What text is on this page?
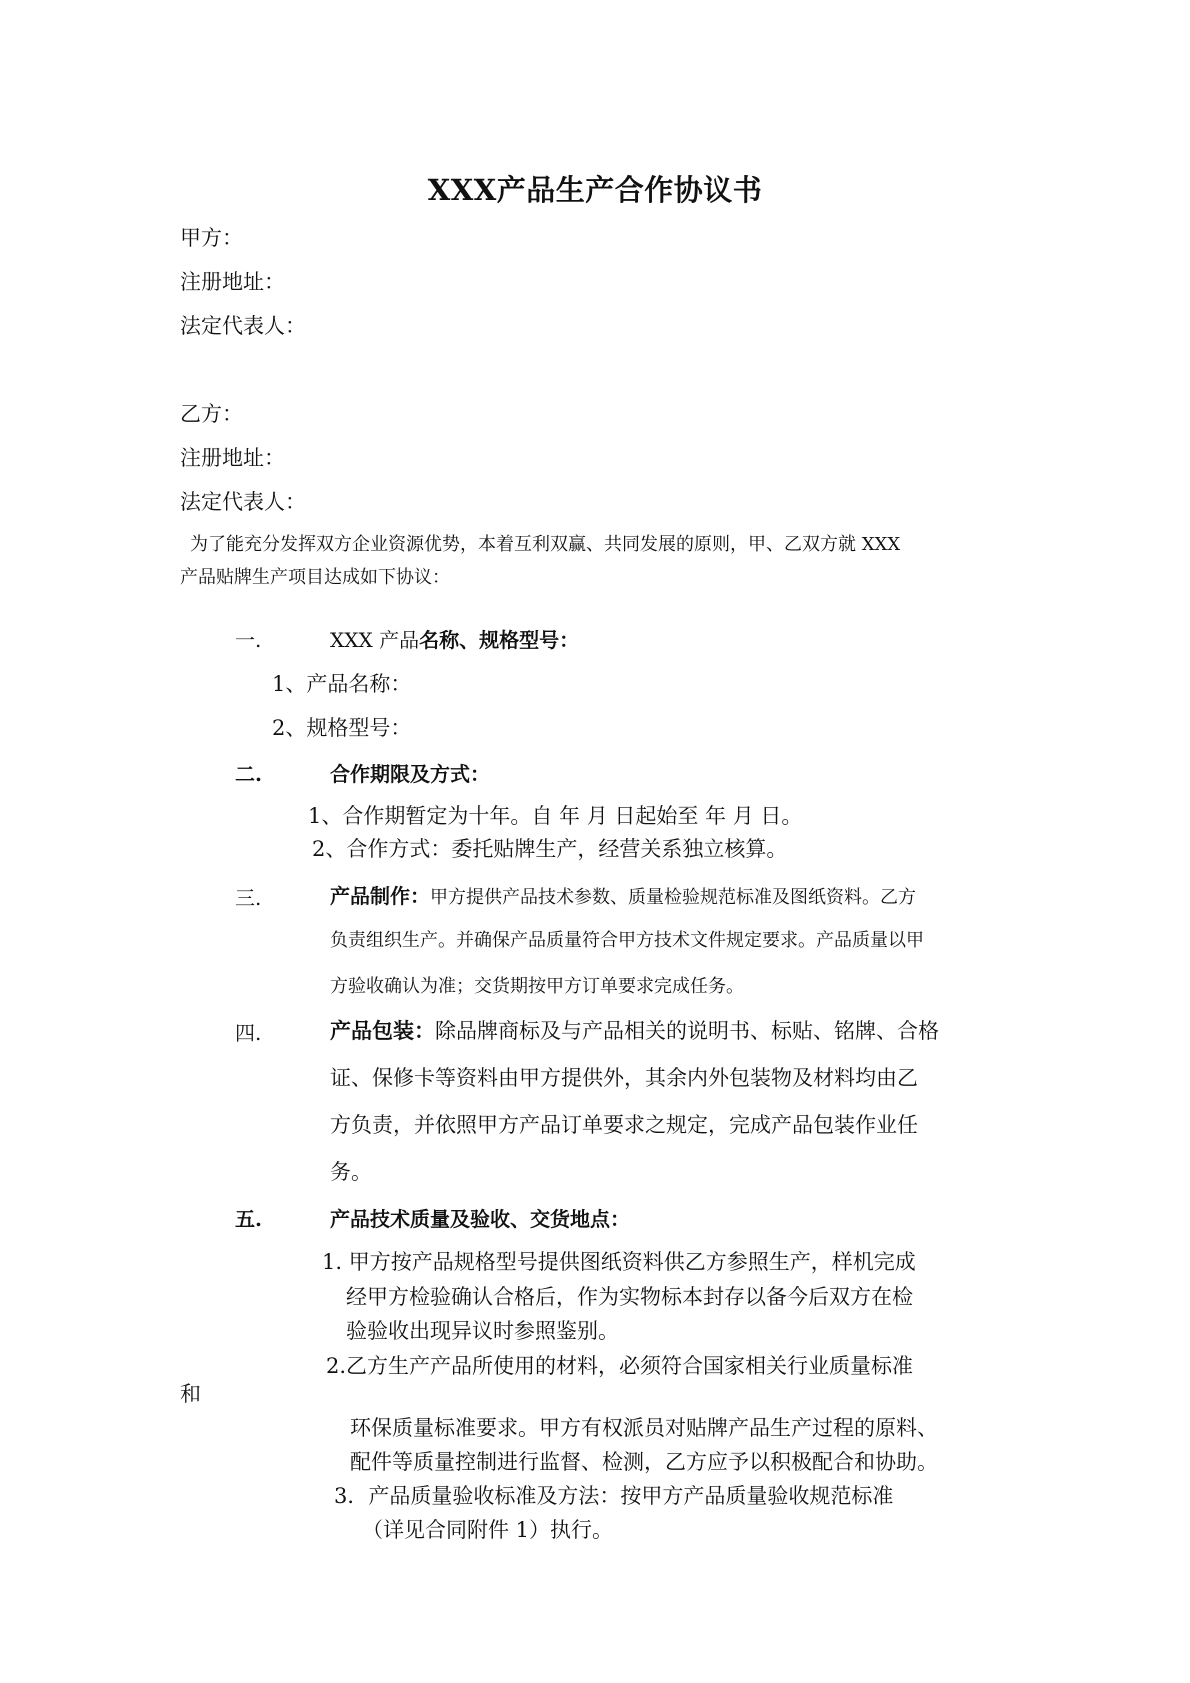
XXX产品生产合作协议书
甲方：
注册地址：
法定代表人：
乙方：
注册地址：
法定代表人：
为了能充分发挥双方企业资源优势，本着互利双赢、共同发展的原则，甲、乙双方就 XXX
产品贴牌生产项目达成如下协议：
一.	XXX 产品名称、规格型号：
1、产品名称：
2、规格型号：
二.	合作期限及方式：
1、合作期暂定为十年。自 年 月 日起始至 年 月 日。
2、合作方式：委托贴牌生产，经营关系独立核算。
三.	产品制作：甲方提供产品技术参数、质量检验规范标准及图纸资料。乙方
负责组织生产。并确保产品质量符合甲方技术文件规定要求。产品质量以甲
方验收确认为准；交货期按甲方订单要求完成任务。
四.	产品包装：除品牌商标及与产品相关的说明书、标贴、铭牌、合格
证、保修卡等资料由甲方提供外，其余内外包装物及材料均由乙
方负责，并依照甲方产品订单要求之规定，完成产品包装作业任
务。
五.	产品技术质量及验收、交货地点：
1. 甲方按产品规格型号提供图纸资料供乙方参照生产，样机完成
经甲方检验确认合格后，作为实物标本封存以备今后双方在检
验验收出现异议时参照鉴别。
2.乙方生产产品所使用的材料，必须符合国家相关行业质量标准
和
环保质量标准要求。甲方有权派员对贴牌产品生产过程的原料、
配件等质量控制进行监督、检测，乙方应予以积极配合和协助。
3．产品质量验收标准及方法：按甲方产品质量验收规范标准
（详见合同附件 1）执行。
